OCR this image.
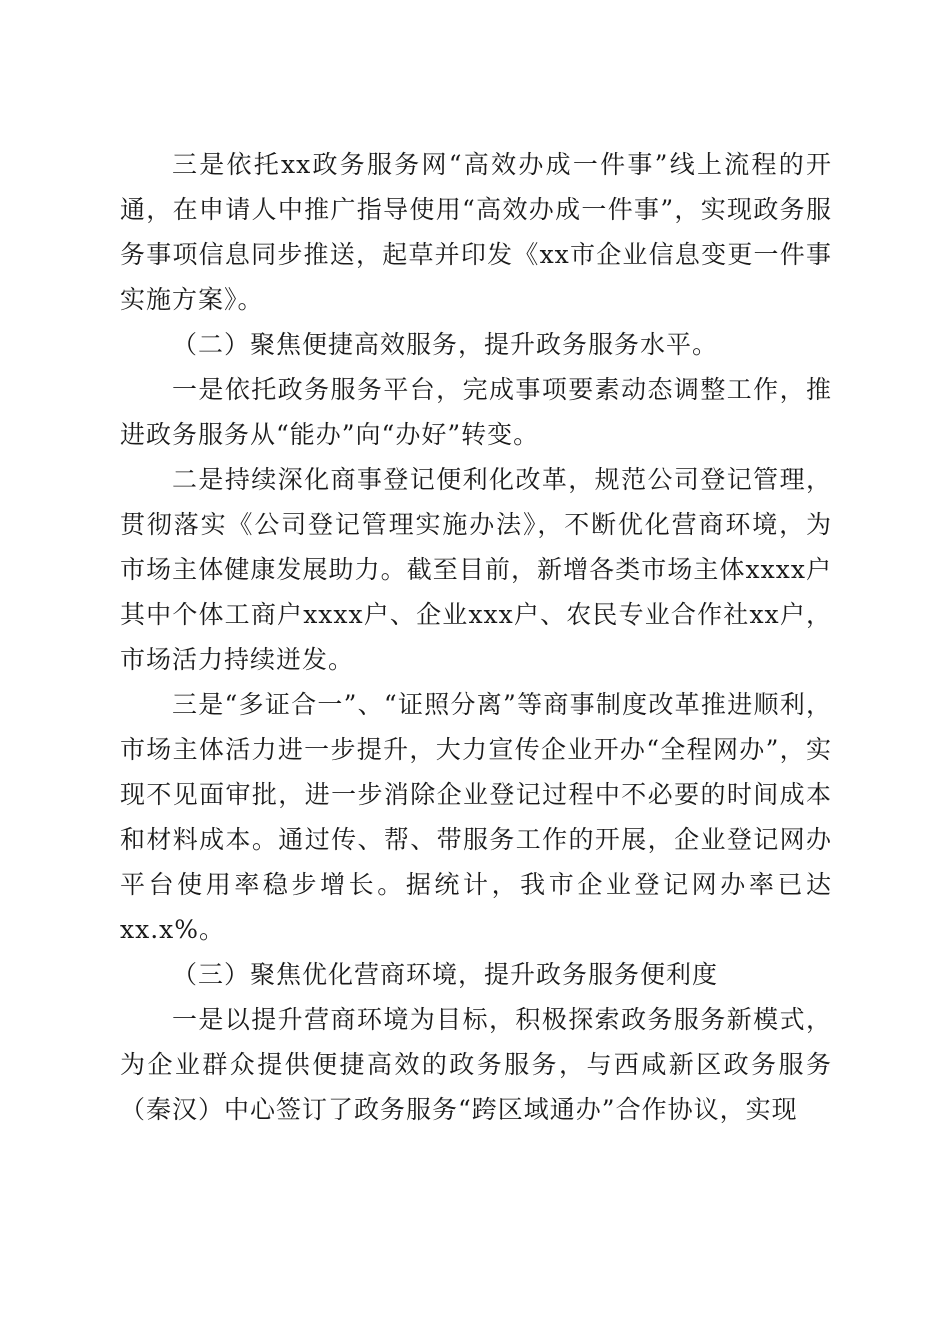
三是依托xx政务服务网“高效办成一件事”线上流程的开通，在申请人中推广指导使用“高效办成一件事”，实现政务服务事项信息同步推送，起草并印发《xx市企业信息变更一件事实施方案》。

（二）聚焦便捷高效服务，提升政务服务水平。

一是依托政务服务平台，完成事项要素动态调整工作，推进政务服务从“能办”向“办好”转变。

二是持续深化商事登记便利化改革，规范公司登记管理，贯彻落实《公司登记管理实施办法》，不断优化营商环境，为市场主体健康发展助力。截至目前，新增各类市场主体xxxx户其中个体工商户xxxx户、企业xxx户、农民专业合作社xx户，市场活力持续迸发。

三是“多证合一”、“证照分离”等商事制度改革推进顺利，市场主体活力进一步提升，大力宣传企业开办“全程网办”，实现不见面审批，进一步消除企业登记过程中不必要的时间成本和材料成本。通过传、帮、带服务工作的开展，企业登记网办平台使用率稳步增长。据统计，我市企业登记网办率已达xx.x%。

（三）聚焦优化营商环境，提升政务服务便利度

一是以提升营商环境为目标，积极探索政务服务新模式，为企业群众提供便捷高效的政务服务，与西咸新区政务服务（秦汉）中心签订了政务服务“跨区域通办”合作协议，实现
